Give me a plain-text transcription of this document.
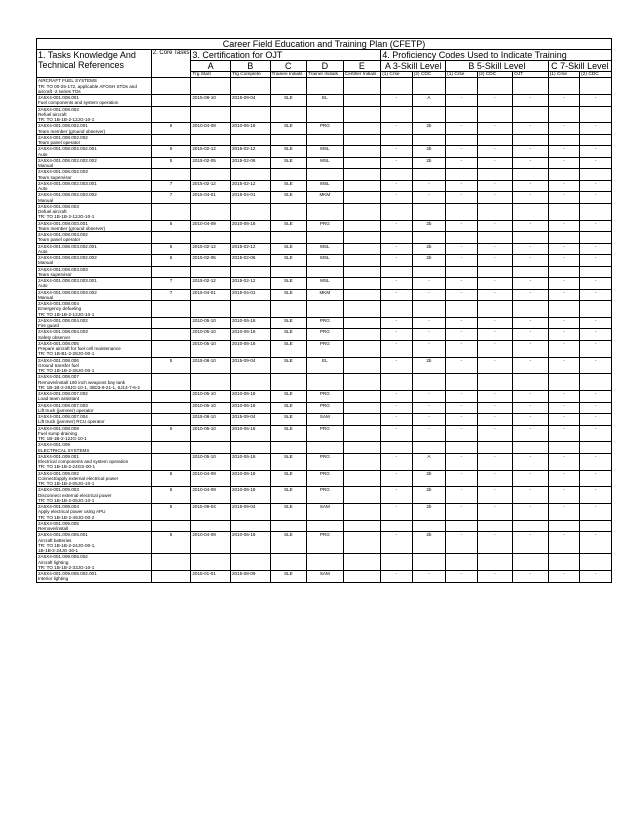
Career Field Education and Training Plan (CFETP)													
1. Tasks Knowledge And Technical References	2. Core Tasks	3. Certification for OJT					4. Proficiency Codes Used to Indicate Training						
		A	B	C	D	E	A 3-Skill Level		B 5-Skill Level			C 7-Skill Level	
		Trg Start	Trg Complete	Trainee Initials	Trainer Initials	Certifier Initials	(1) Crse	(2) CDC	(1) Crse	(2) CDC	OJT	(1) Crse	(2) CDC
AIRCRAFT FUEL SYSTEMS
TR: TO 00-25-172, applicable AFOSH STDs and aircraft -2 series TOs													
2A5X4-001.008.001
Fuel components and system operation		2015-08-10	2015-09-04	SLE	EL		-	A	-	-	-	-	-
2A5X4-001.008.002
Refuel aircraft
TR: TO 1B-1B-2-12JG-10-1													
2A5X4-001.008.002.001
Team member (ground observer)	5	2010-04-09	2010-06-18	SLE	PRG		-	2b	-	-	-	-	-
2A5X4-001.008.002.002
Team panel operator													
2A5X4-001.008.002.002.001
Auto	5	2015-02-12	2015-02-12	SLE	MSL		-	2b	-	-	-	-	-
2A5X4-001.008.002.002.002
Manual	5	2015-02-05	2015-02-06	SLE	MSL		-	2b	-	-	-	-	-
2A5X4-001.008.002.003
Team supervisor													
2A5X4-001.008.002.003.001
Auto	7	2015-02-12	2015-02-12	SLE	MSL		-	-	-	-	-	-	-
2A5X4-001.008.002.003.002
Manual	7	2015-04-01	2015-04-01	SLE	MKM		-	-	-	-	-	-	-
2A5X4-001.008.003
Defuel aircraft
TR: TO 1B-1B-2-12JG-10-1													
2A5X4-001.008.003.001
Team member (ground observer)	5	2010-04-09	2010-06-18	SLE	PRG		-	2b	-	-	-	-	-
2A5X4-001.008.003.002
Team panel operator													
2A5X4-001.008.003.002.001
Auto	5	2015-02-12	2015-02-12	SLE	MSL		-	2b	-	-	-	-	-
2A5X4-001.008.003.002.002
Manual	5	2015-02-05	2015-02-06	SLE	MSL		-	2b	-	-	-	-	-
2A5X4-001.008.003.003
Team supervisor													
2A5X4-001.008.003.003.001
Auto	7	2015-02-12	2015-02-12	SLE	MSL		-	-	-	-	-	-	-
2A5X4-001.008.003.003.002
Manual	7	2015-04-01	2015-04-01	SLE	MKM		-	-	-	-	-	-	-
2A5X4-001.008.004
Emergency defueling
TR: TO 1B-1B-2-12JG-10-1													
2A5X4-001.008.004.002
Fire guard		2010-05-10	2010-06-18	SLE	PRG		-	-	-	-	-	-	-
2A5X4-001.008.004.003
Safety observer		2010-05-10	2010-06-18	SLE	PRG		-	-	-	-	-	-	-
2A5X4-001.008.005
Prepare aircraft for fuel cell maintenance
TR: TO 1B-B1-2-28JG-00-1		2010-05-10	2010-06-18	SLE	PRG		-	-	-	-	-	-	-
2A5X4-001.008.006
Ground transfer fuel
TR: TO 1B-1B-2-28JG-00-1	5	2015-08-10	2015-09-04	SLE	EL		-	2b	-	-	-	-	-
2A5X4-001.008.007
Remove/install 180 inch weapons bay tank
TR: 1B-1B-2-28JG-10-1, 35D3-9-21-1, 6J14-7-6-2													
2A5X4-001.008.007.002
Load team assistant		2010-05-10	2010-06-18	SLE	PRG		-	-	-	-	-	-	-
2A5X4-001.008.007.003
Lift truck (jammer) operator		2010-05-10	2010-06-18	SLE	PRG		-	-	-	-	-	-	-
2A5X4-001.008.007.004
Lift truck (jammer) RCU operator		2015-08-10	2015-09-04	SLE	SAM		-	-	-	-	-	-	-
2A5X4-001.008.008
Fuel sump draining
TR: 1B-1B-2-12JG-10-1	5	2010-05-10	2010-06-18	SLE	PRG		-	-	-	-	-	-	-
2A5X4-001.009
ELECTRICAL SYSTEMS													
2A5X4-001.009.001
Electrical components and system operation
TR: TO 1B-1B-2-24GS-00-1		2010-05-10	2010-06-18	SLE	PRG		-	A	-	-	-	-	-
2A5X4-001.009.002
Connect/apply external electrical power
TR: TO 1B-1B-2-05JG-10-1	5	2010-04-09	2010-06-18	SLE	PRG		-	2b	-	-	-	-	-
2A5X4-001.009.003
Disconnect external electrical power
TR: TO 1B-1B-2-05JG-10-1	5	2010-04-09	2010-06-18	SLE	PRG		-	2b	-	-	-	-	-
2A5X4-001.009.004
Apply electrical power using APU
TR: TO 1B-1B-2-49JG-00-2	5	2015-09-04	2015-09-04	SLE	SAM		-	2b	-	-	-	-	-
2A5X4-001.009.005
Remove/install													
2A5X4-001.009.005.001
Aircraft batteries
TR: TO 1B-1B-2-24JG-00-1,
1B-1B-2-24JG-30-1	5	2010-04-09	2010-06-18	SLE	PRG		-	2b	-	-	-	-	-
2A5X4-001.009.005.002
Aircraft lighting
TR: TO 1B-1B-2-33JG-10-1													
2A5X4-001.009.005.002.001
Interior lighting		2015-01-01	2015-08-09	SLE	SAM		-	-	-	-	-	-	-
